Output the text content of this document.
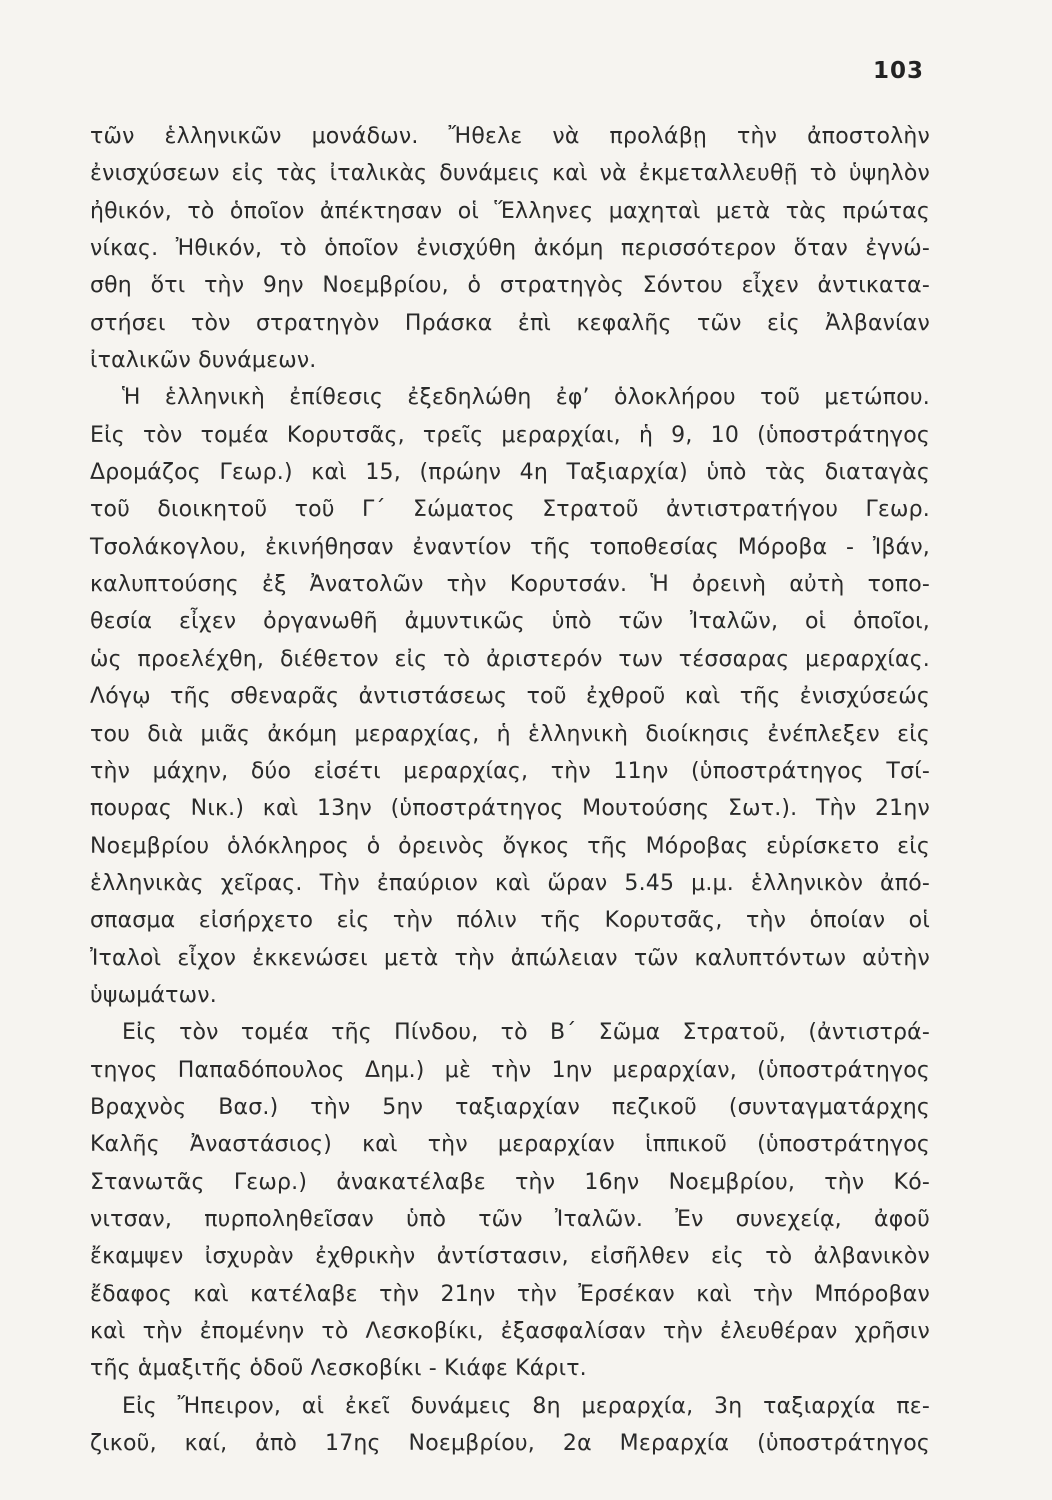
103
τῶν ἑλληνικῶν μονάδων. Ἤθελε νὰ προλάβῃ τὴν ἀποστολὴν
ἐνισχύσεων εἰς τὰς ἰταλικὰς δυνάμεις καὶ νὰ ἐκμεταλλευθῇ τὸ ὑψηλὸν
ἠθικόν, τὸ ὁποῖον ἀπέκτησαν οἱ Ἕλληνες μαχηταὶ μετὰ τὰς πρώτας
νίκας. Ἠθικόν, τὸ ὁποῖον ἐνισχύθη ἀκόμη περισσότερον ὅταν ἐγνώ-
σθη ὅτι τὴν 9ην Νοεμβρίου, ὁ στρατηγὸς Σόντου εἶχεν ἀντικατα-
στήσει τὸν στρατηγὸν Πράσκα ἐπὶ κεφαλῆς τῶν εἰς Ἀλβανίαν
ἰταλικῶν δυνάμεων.
Ἡ ἑλληνικὴ ἐπίθεσις ἐξεδηλώθη ἐφ’ ὁλοκλήρου τοῦ μετώπου.
Εἰς τὸν τομέα Κορυτσᾶς, τρεῖς μεραρχίαι, ἡ 9, 10 (ὑποστράτηγος
Δρομάζος Γεωρ.) καὶ 15, (πρώην 4η Ταξιαρχία) ὑπὸ τὰς διαταγὰς
τοῦ διοικητοῦ τοῦ Γ΄ Σώματος Στρατοῦ ἀντιστρατήγου Γεωρ.
Τσολάκογλου, ἐκινήθησαν ἐναντίον τῆς τοποθεσίας Μόροβα - Ἰβάν,
καλυπτούσης ἐξ Ἀνατολῶν τὴν Κορυτσάν. Ἡ ὀρεινὴ αὐτὴ τοπο-
θεσία εἶχεν ὀργανωθῆ ἀμυντικῶς ὑπὸ τῶν Ἰταλῶν, οἱ ὁποῖοι,
ὡς προελέχθη, διέθετον εἰς τὸ ἀριστερόν των τέσσαρας μεραρχίας.
Λόγῳ τῆς σθεναρᾶς ἀντιστάσεως τοῦ ἐχθροῦ καὶ τῆς ἐνισχύσεώς
του διὰ μιᾶς ἀκόμη μεραρχίας, ἡ ἑλληνικὴ διοίκησις ἐνέπλεξεν εἰς
τὴν μάχην, δύο εἰσέτι μεραρχίας, τὴν 11ην (ὑποστράτηγος Τσί-
πουρας Νικ.) καὶ 13ην (ὑποστράτηγος Μουτούσης Σωτ.). Τὴν 21ην
Νοεμβρίου ὁλόκληρος ὁ ὀρεινὸς ὄγκος τῆς Μόροβας εὑρίσκετο εἰς
ἑλληνικὰς χεῖρας. Τὴν ἐπαύριον καὶ ὥραν 5.45 μ.μ. ἑλληνικὸν ἀπό-
σπασμα εἰσήρχετο εἰς τὴν πόλιν τῆς Κορυτσᾶς, τὴν ὁποίαν οἱ
Ἰταλοὶ εἶχον ἐκκενώσει μετὰ τὴν ἀπώλειαν τῶν καλυπτόντων αὐτὴν
ὑψωμάτων.
Εἰς τὸν τομέα τῆς Πίνδου, τὸ Β΄ Σῶμα Στρατοῦ, (ἀντιστρά-
τηγος Παπαδόπουλος Δημ.) μὲ τὴν 1ην μεραρχίαν, (ὑποστράτηγος
Βραχνὸς Βασ.) τὴν 5ην ταξιαρχίαν πεζικοῦ (συνταγματάρχης
Καλῆς Ἀναστάσιος) καὶ τὴν μεραρχίαν ἱππικοῦ (ὑποστράτηγος
Στανωτᾶς Γεωρ.) ἀνακατέλαβε τὴν 16ην Νοεμβρίου, τὴν Κό-
νιτσαν, πυρποληθεῖσαν ὑπὸ τῶν Ἰταλῶν. Ἐν συνεχείᾳ, ἀφοῦ
ἔκαμψεν ἰσχυρὰν ἐχθρικὴν ἀντίστασιν, εἰσῆλθεν εἰς τὸ ἀλβανικὸν
ἔδαφος καὶ κατέλαβε τὴν 21ην τὴν Ἐρσέκαν καὶ τὴν Μπόροβαν
καὶ τὴν ἐπομένην τὸ Λεσκοβίκι, ἐξασφαλίσαν τὴν ἐλευθέραν χρῆσιν
τῆς ἁμαξιτῆς ὁδοῦ Λεσκοβίκι - Κιάφε Κάριτ.
Εἰς Ἤπειρον, αἱ ἐκεῖ δυνάμεις 8η μεραρχία, 3η ταξιαρχία πε-
ζικοῦ, καί, ἀπὸ 17ης Νοεμβρίου, 2α Μεραρχία (ὑποστράτηγος
